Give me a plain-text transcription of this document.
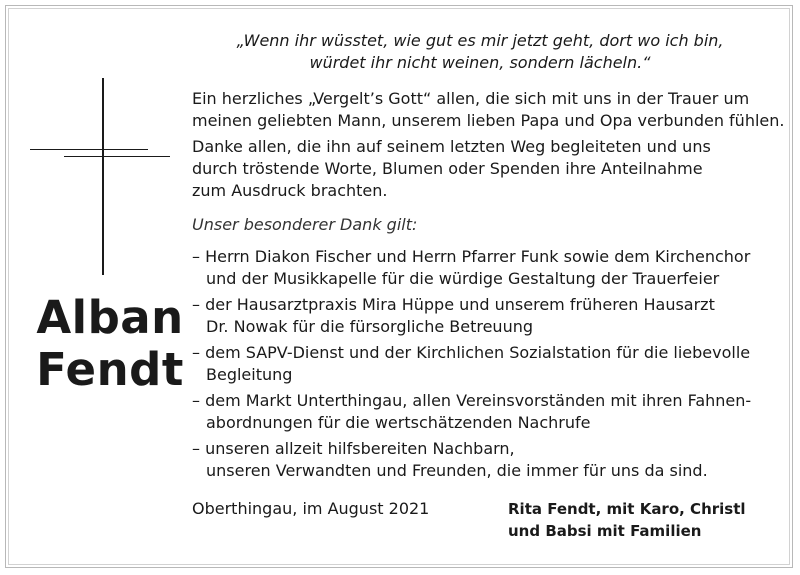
„Wenn ihr wüsstet, wie gut es mir jetzt geht, dort wo ich bin,
würdet ihr nicht weinen, sondern lächeln.“

Alban
Fendt
Ein herzliches „Vergelt’s Gott“ allen, die sich mit uns in der Trauer um
meinen geliebten Mann, unserem lieben Papa und Opa verbunden fühlen.
Danke allen, die ihn auf seinem letzten Weg begleiteten und uns
durch tröstende Worte, Blumen oder Spenden ihre Anteilnahme
zum Ausdruck brachten.
Unser besonderer Dank gilt:
– Herrn Diakon Fischer und Herrn Pfarrer Funk sowie dem Kirchenchor
und der Musikkapelle für die würdige Gestaltung der Trauerfeier
– der Hausarztpraxis Mira Hüppe und unserem früheren Hausarzt
Dr. Nowak für die fürsorgliche Betreuung
– dem SAPV-Dienst und der Kirchlichen Sozialstation für die liebevolle
Begleitung
– dem Markt Unterthingau, allen Vereinsvorständen mit ihren Fahnen-
abordnungen für die wertschätzenden Nachrufe
– unseren allzeit hilfsbereiten Nachbarn,
unseren Verwandten und Freunden, die immer für uns da sind.
Oberthingau, im August 2021	Rita Fendt, mit Karo, Christl
und Babsi mit Familien
